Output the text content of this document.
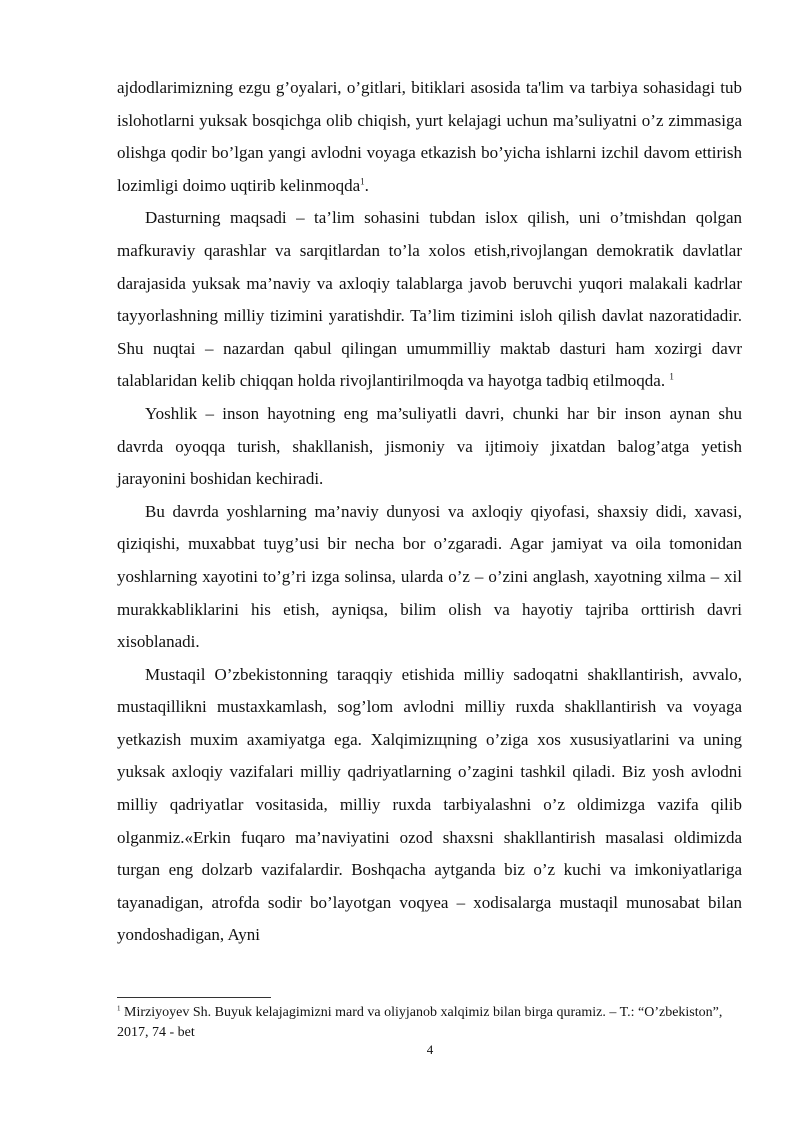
ajdodlarimizning ezgu g’oyalari, o’gitlari, bitiklari asosida ta'lim va tarbiya sohasidagi tub islohotlarni yuksak bosqichga olib chiqish, yurt kelajagi uchun ma’suliyatni o’z zimmasiga olishga qodir bo’lgan yangi avlodni voyaga etkazish bo’yicha ishlarni izchil davom ettirish lozimligi doimo uqtirib kelinmoqda$^1$.

Dasturning maqsadi – ta’lim sohasini tubdan islox qilish, uni o’tmishdan qolgan mafkuraviy qarashlar va sarqitlardan to’la xolos etish,rivojlangan demokratik davlatlar darajasida yuksak ma’naviy va axloqiy talablarga javob beruvchi yuqori malakali kadrlar tayyorlashning milliy tizimini yaratishdir. Ta’lim tizimini isloh qilish davlat nazoratidadir. Shu nuqtai – nazardan qabul qilingan umummilliy maktab dasturi ham xozirgi davr talablaridan kelib chiqqan holda rivojlantirilmoqda va hayotga tadbiq etilmoqda. $^1$

Yoshlik – inson hayotning eng ma’suliyatli davri, chunki har bir inson aynan shu davrda oyoqqa turish, shakllanish, jismoniy va ijtimoiy jixatdan balog’atga yetish jarayonini boshidan kechiradi.

Bu davrda yoshlarning ma’naviy dunyosi va axloqiy qiyofasi, shaxsiy didi, xavasi, qiziqishi, muxabbat tuyg’usi bir necha bor o’zgaradi. Agar jamiyat va oila tomonidan yoshlarning xayotini to’g’ri izga solinsa, ularda o’z – o’zini anglash, xayotning xilma – xil murakkabliklarini his etish, ayniqsa, bilim olish va hayotiy tajriba orttirish davri xisoblanadi.

Mustaqil O’zbekistonning taraqqiy etishida milliy sadoqatni shakllantirish, avvalo, mustaqillikni mustaxkamlash, sog’lom avlodni milliy ruxda shakllantirish va voyaga yetkazish muxim axamiyatga ega. Xalqimizщning o’ziga xos xususiyatlarini va uning yuksak axloqiy vazifalari milliy qadriyatlarning o’zagini tashkil qiladi. Biz yosh avlodni milliy qadriyatlar vositasida, milliy ruxda tarbiyalashni o’z oldimizga vazifa qilib olganmiz.«Erkin fuqaro ma’naviyatini ozod shaxsni shakllantirish masalasi oldimizda turgan eng dolzarb vazifalardir. Boshqacha aytganda biz o’z kuchi va imkoniyatlariga tayanadigan, atrofda sodir bo’layotgan voqyea – xodisalarga mustaqil munosabat bilan yondoshadigan, Ayni

$^1$ Mirziyoyev Sh. Buyuk kelajagimizni mard va oliyjanob xalqimiz bilan birga quramiz. – T.: “O’zbekiston”, 2017, 74 - bet
4
